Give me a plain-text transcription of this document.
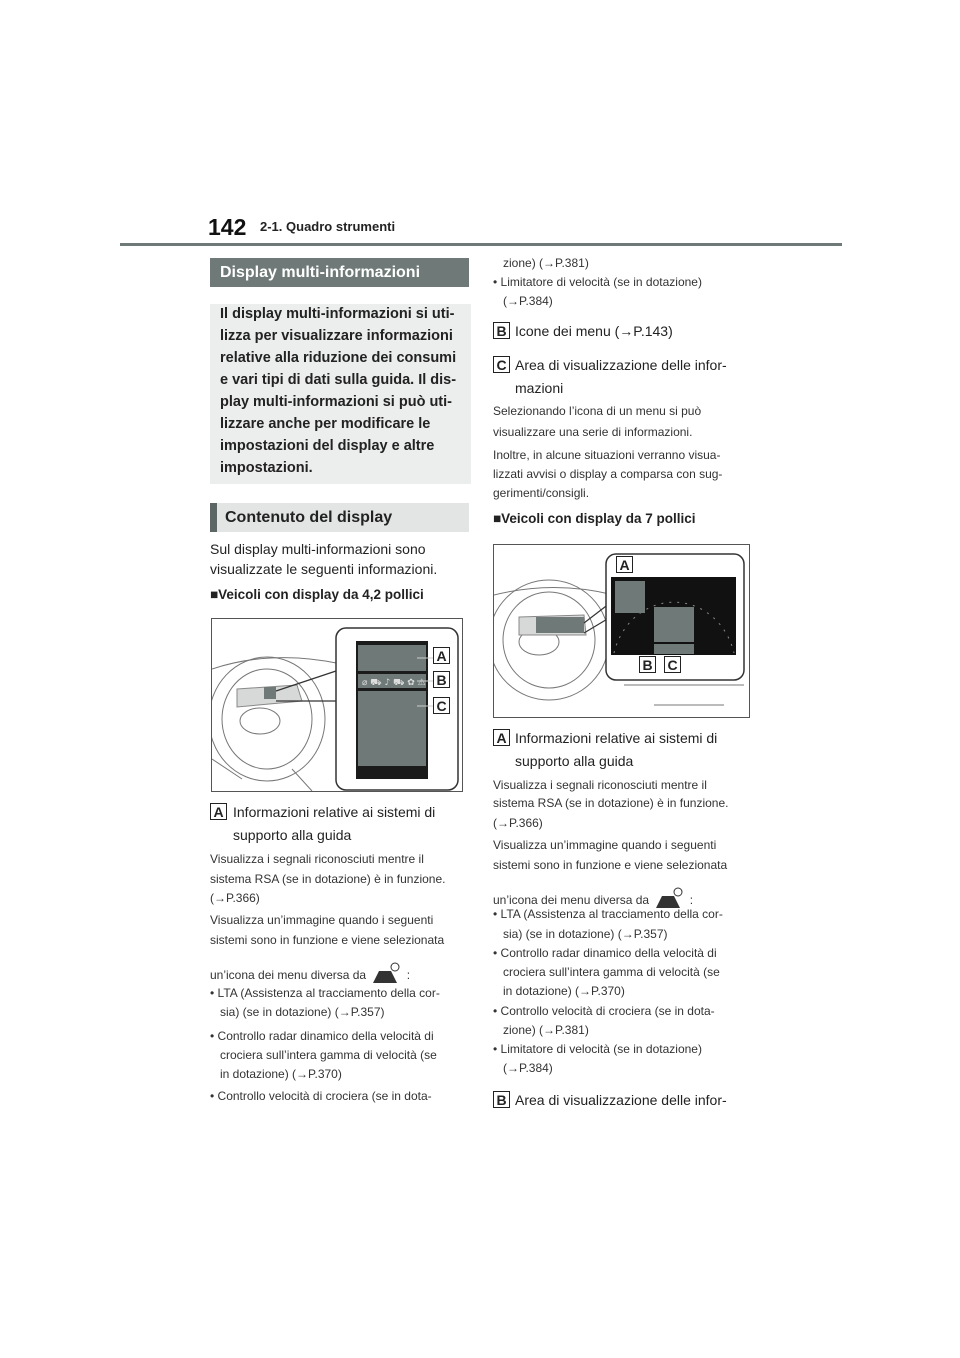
142 2-1. Quadro strumenti
Display multi-informazioni
Il display multi-informazioni si uti-
lizza per visualizzare informazioni
relative alla riduzione dei consumi
e vari tipi di dati sulla guida. Il dis-
play multi-informazioni si può uti-
lizzare anche per modificare le
impostazioni del display e altre
impostazioni.
Contenuto del display
Sul display multi-informazioni sono
visualizzate le seguenti informazioni.
■Veicoli con display da 4,2 pollici
⌀ ⛟ ♪ ⛟ ✿ ⚠
A
B
C
A Informazioni relative ai sistemi di
supporto alla guida
Visualizza i segnali riconosciuti mentre il
sistema RSA (se in dotazione) è in funzione.
(→P.366)
Visualizza un’immagine quando i seguenti
sistemi sono in funzione e viene selezionata
un’icona dei menu diversa da	:
• LTA (Assistenza al tracciamento della cor-
sia) (se in dotazione) (→P.357)
• Controllo radar dinamico della velocità di
crociera sull’intera gamma di velocità (se
in dotazione) (→P.370)
• Controllo velocità di crociera (se in dota-
zione) (→P.381)
• Limitatore di velocità (se in dotazione)
(→P.384)
B Icone dei menu (→P.143)
C Area di visualizzazione delle infor-
mazioni
Selezionando l’icona di un menu si può
visualizzare una serie di informazioni.
Inoltre, in alcune situazioni verranno visua-
lizzati avvisi o display a comparsa con sug-
gerimenti/consigli.
■Veicoli con display da 7 pollici
A
B C
A Informazioni relative ai sistemi di
supporto alla guida
Visualizza i segnali riconosciuti mentre il
sistema RSA (se in dotazione) è in funzione.
(→P.366)
Visualizza un’immagine quando i seguenti
sistemi sono in funzione e viene selezionata
un’icona dei menu diversa da	:
• LTA (Assistenza al tracciamento della cor-
sia) (se in dotazione) (→P.357)
• Controllo radar dinamico della velocità di
crociera sull’intera gamma di velocità (se
in dotazione) (→P.370)
• Controllo velocità di crociera (se in dota-
zione) (→P.381)
• Limitatore di velocità (se in dotazione)
(→P.384)
B Area di visualizzazione delle infor-
